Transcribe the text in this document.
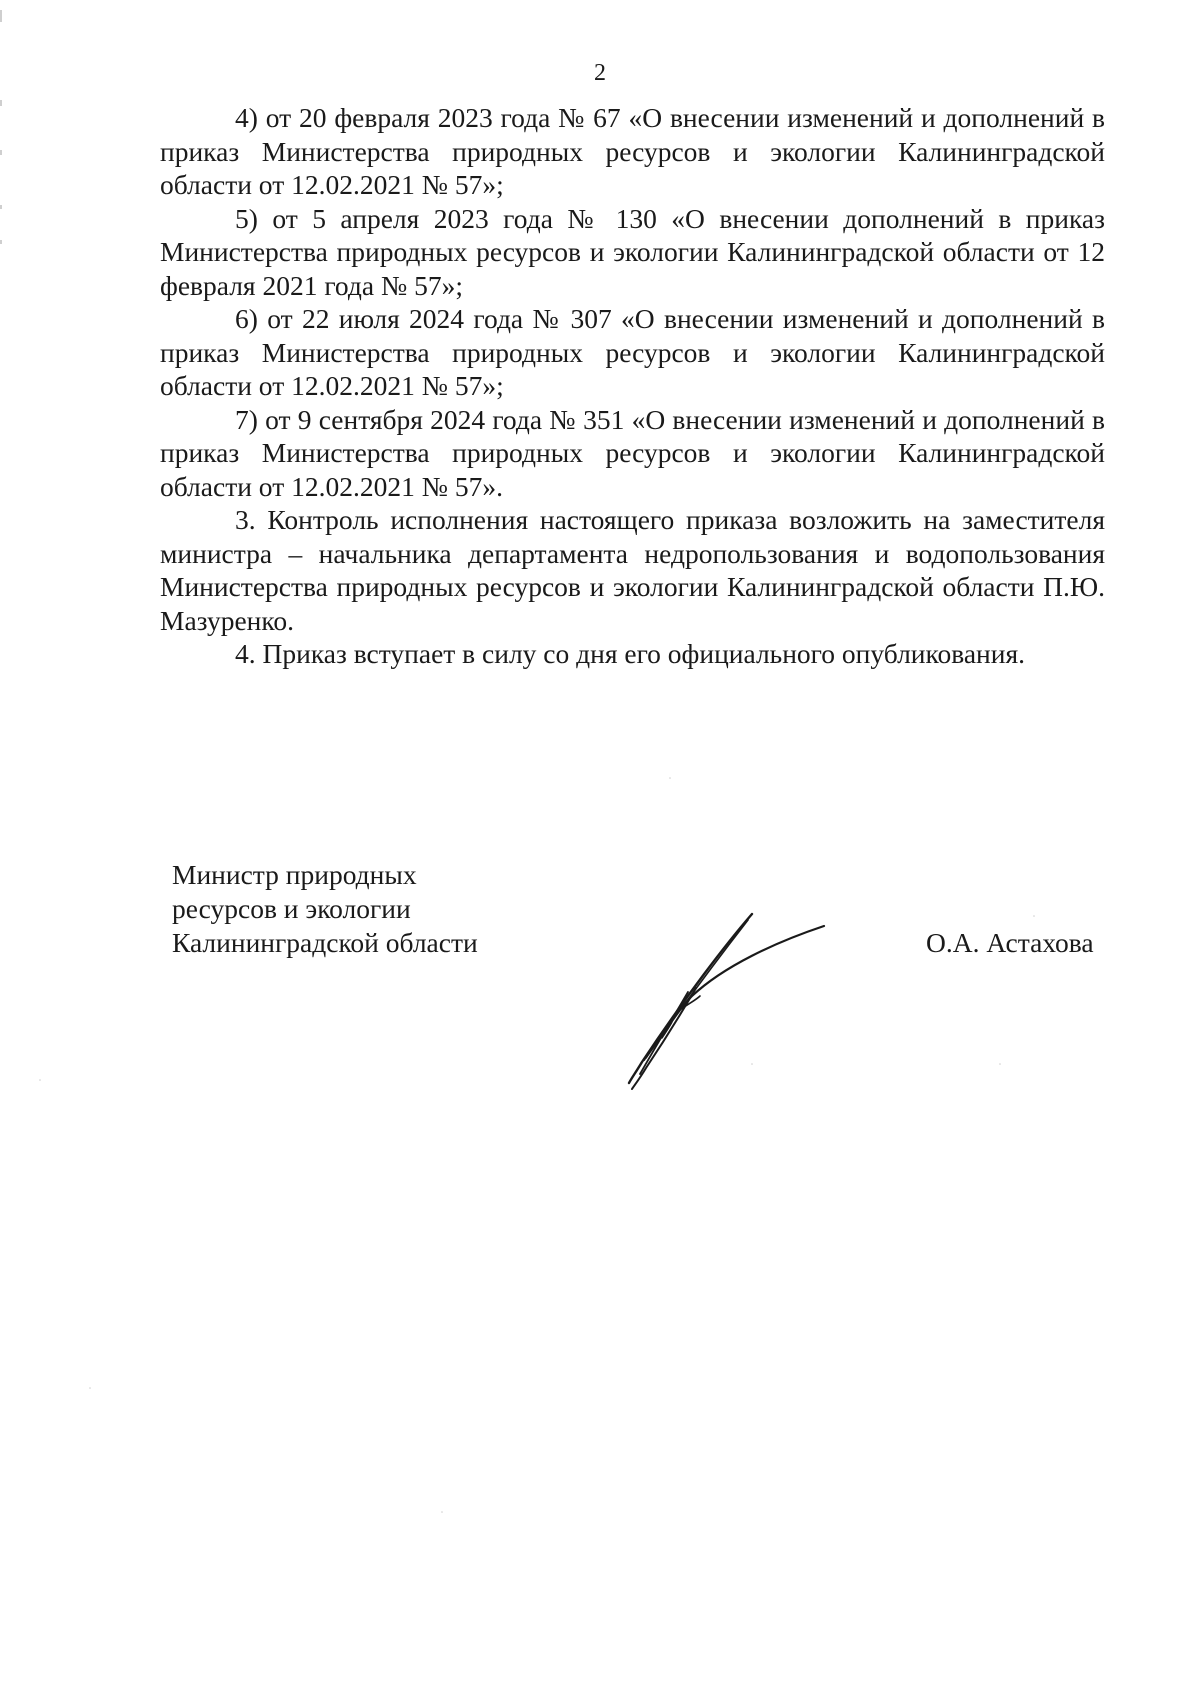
2

4) от 20 февраля 2023 года № 67 «О внесении изменений и дополнений в приказ Министерства природных ресурсов и экологии Калининградской области от 12.02.2021 № 57»;

5) от 5 апреля 2023 года № 130 «О внесении дополнений в приказ Министерства природных ресурсов и экологии Калининградской области от 12 февраля 2021 года № 57»;

6) от 22 июля 2024 года № 307 «О внесении изменений и дополнений в приказ Министерства природных ресурсов и экологии Калининградской области от 12.02.2021 № 57»;

7) от 9 сентября 2024 года № 351 «О внесении изменений и дополнений в приказ Министерства природных ресурсов и экологии Калининградской области от 12.02.2021 № 57».

3. Контроль исполнения настоящего приказа возложить на заместителя министра – начальника департамента недропользования и водопользования Министерства природных ресурсов и экологии Калининградской области П.Ю. Мазуренко.

4. Приказ вступает в силу со дня его официального опубликования.

Министр природных
ресурсов и экологии
Калининградской области	О.А. Астахова
